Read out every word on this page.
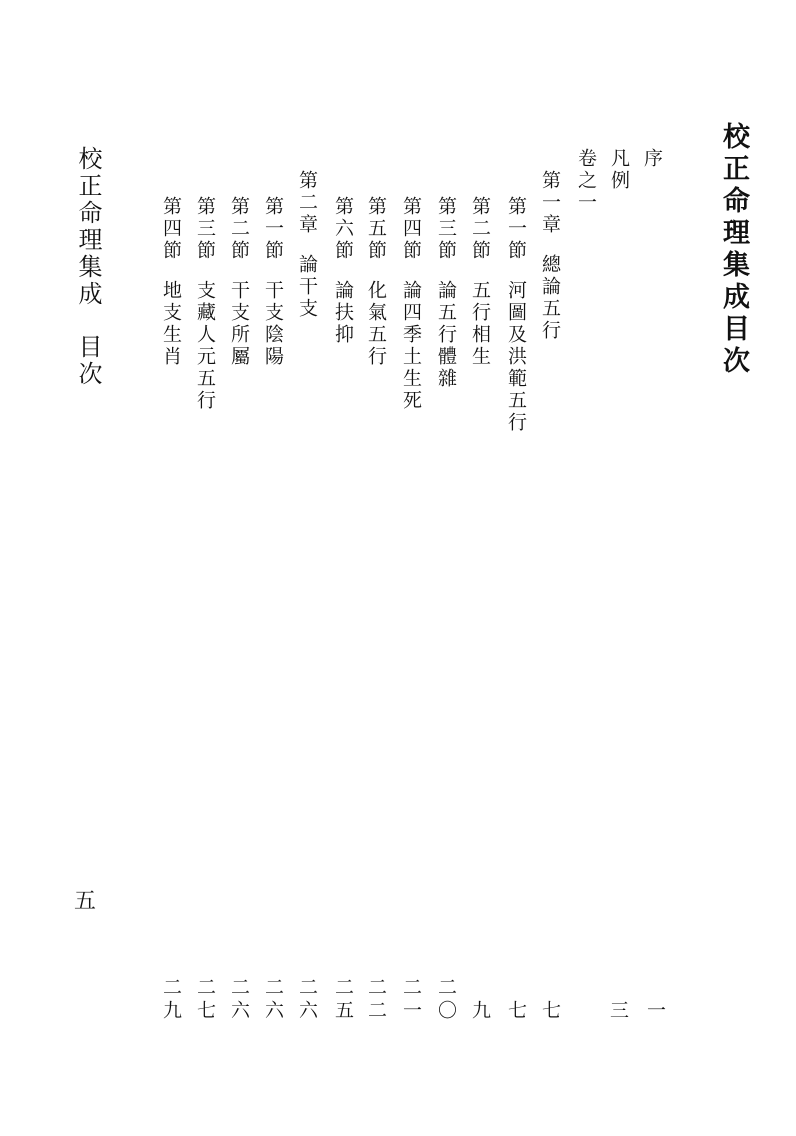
校正命理集成目次
序
凡例
卷之一
第一章總論五行
第一節河圖及洪範五行
第二節五行相生
第三節論五行體雜
第四節論四季土生死
第五節化氣五行
第六節論扶抑
第二章論干支
第一節干支陰陽
第二節干支所屬
第三節支藏人元五行
第四節地支生肖
一
三
七
七
九
二〇
二一
二二
二五
二六
二六
二六
二七
二九
校正命理集成目次
五
